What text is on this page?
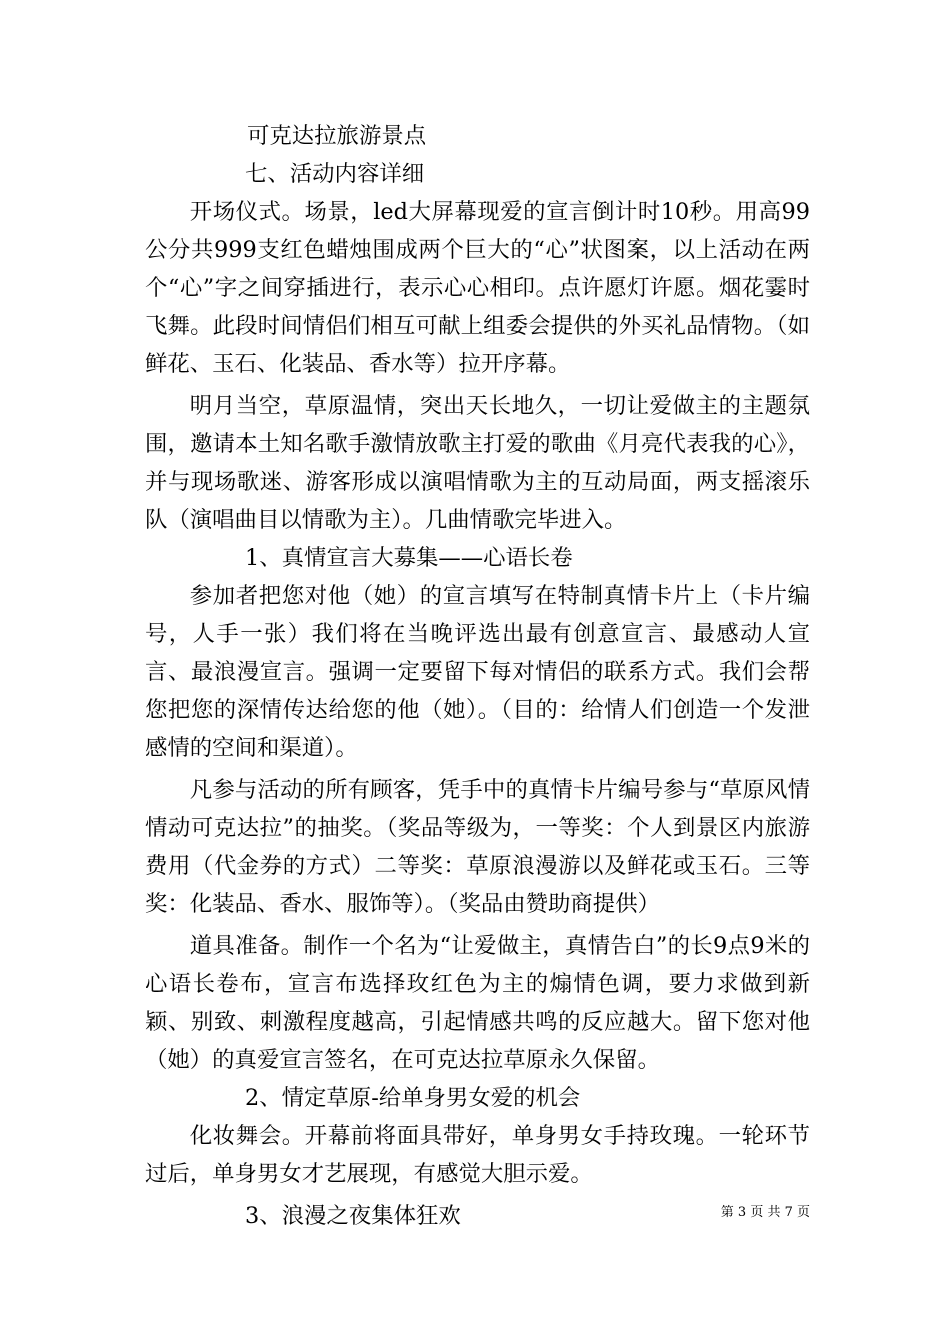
可克达拉旅游景点

七、活动内容详细

开场仪式。场景，led大屏幕现爱的宣言倒计时10秒。用高99公分共999支红色蜡烛围成两个巨大的“心”状图案，以上活动在两个“心”字之间穿插进行，表示心心相印。点许愿灯许愿。烟花霎时飞舞。此段时间情侣们相互可献上组委会提供的外买礼品情物。（如鲜花、玉石、化装品、香水等）拉开序幕。

明月当空，草原温情，突出天长地久，一切让爱做主的主题氛围，邀请本土知名歌手激情放歌主打爱的歌曲《月亮代表我的心》，并与现场歌迷、游客形成以演唱情歌为主的互动局面，两支摇滚乐队（演唱曲目以情歌为主）。几曲情歌完毕进入。

1、真情宣言大募集——心语长卷

参加者把您对他（她）的宣言填写在特制真情卡片上（卡片编号，人手一张）我们将在当晚评选出最有创意宣言、最感动人宣言、最浪漫宣言。强调一定要留下每对情侣的联系方式。我们会帮您把您的深情传达给您的他（她）。（目的：给情人们创造一个发泄感情的空间和渠道）。

凡参与活动的所有顾客，凭手中的真情卡片编号参与“草原风情情动可克达拉”的抽奖。（奖品等级为，一等奖：个人到景区内旅游费用（代金券的方式）二等奖：草原浪漫游以及鲜花或玉石。三等奖：化装品、香水、服饰等）。（奖品由赞助商提供）

道具准备。制作一个名为“让爱做主，真情告白”的长9点9米的心语长卷布，宣言布选择玫红色为主的煽情色调，要力求做到新颖、别致、刺激程度越高，引起情感共鸣的反应越大。留下您对他（她）的真爱宣言签名，在可克达拉草原永久保留。

2、情定草原-给单身男女爱的机会

化妆舞会。开幕前将面具带好，单身男女手持玫瑰。一轮环节过后，单身男女才艺展现，有感觉大胆示爱。

3、浪漫之夜集体狂欢	第 3 页 共 7 页
